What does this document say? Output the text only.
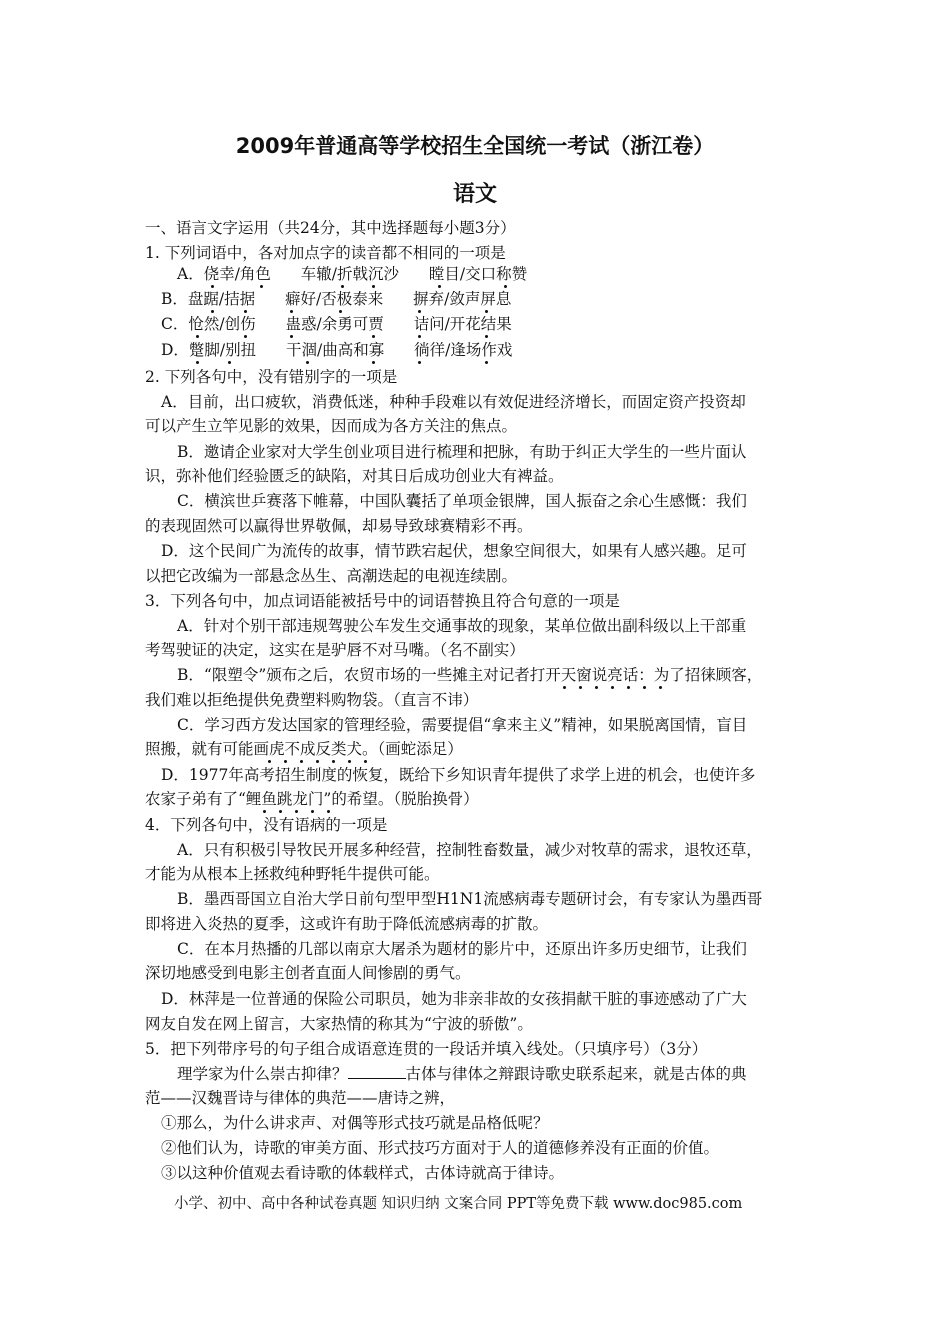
2009年普通高等学校招生全国统一考试（浙江卷）
语文
一、语言文字运用（共24分，其中选择题每小题3分）
1. 下列词语中，各对加点字的读音都不相同的一项是
A．侥幸/角色 车辙/折戟沉沙 瞠目/交口称赞
B．盘踞/拮据 癖好/否极泰来 摒弃/敛声屏息
C．怆然/创伤 蛊惑/余勇可贾 诘问/开花结果
D．蹩脚/别扭 干涸/曲高和寡 徜徉/逢场作戏
2. 下列各句中，没有错别字的一项是
A．目前，出口疲软，消费低迷，种种手段难以有效促进经济增长，而固定资产投资却
可以产生立竿见影的效果，因而成为各方关注的焦点。
B．邀请企业家对大学生创业项目进行梳理和把脉，有助于纠正大学生的一些片面认
识，弥补他们经验匮乏的缺陷，对其日后成功创业大有裨益。
C．横滨世乒赛落下帷幕，中国队囊括了单项金银牌，国人振奋之余心生感慨：我们
的表现固然可以赢得世界敬佩，却易导致球赛精彩不再。
D．这个民间广为流传的故事，情节跌宕起伏，想象空间很大，如果有人感兴趣。足可
以把它改编为一部悬念丛生、高潮迭起的电视连续剧。
3．下列各句中，加点词语能被括号中的词语替换且符合句意的一项是
A．针对个别干部违规驾驶公车发生交通事故的现象，某单位做出副科级以上干部重
考驾驶证的决定，这实在是驴唇不对马嘴。（名不副实）
B．“限塑令”颁布之后，农贸市场的一些摊主对记者打开天窗说亮话：为了招徕顾客，
我们难以拒绝提供免费塑料购物袋。（直言不讳）
C．学习西方发达国家的管理经验，需要提倡“拿来主义”精神，如果脱离国情，盲目
照搬，就有可能画虎不成反类犬。（画蛇添足）
D．1977年高考招生制度的恢复，既给下乡知识青年提供了求学上进的机会，也使许多
农家子弟有了“鲤鱼跳龙门”的希望。（脱胎换骨）
4．下列各句中，没有语病的一项是
A．只有积极引导牧民开展多种经营，控制牲畜数量，减少对牧草的需求，退牧还草，
才能为从根本上拯救纯种野牦牛提供可能。
B．墨西哥国立自治大学日前句型甲型H1N1流感病毒专题研讨会，有专家认为墨西哥
即将进入炎热的夏季，这或许有助于降低流感病毒的扩散。
C．在本月热播的几部以南京大屠杀为题材的影片中，还原出许多历史细节，让我们
深切地感受到电影主创者直面人间惨剧的勇气。
D．林萍是一位普通的保险公司职员，她为非亲非故的女孩捐献干脏的事迹感动了广大
网友自发在网上留言，大家热情的称其为“宁波的骄傲”。
5．把下列带序号的句子组合成语意连贯的一段话并填入线处。（只填序号）（3分）
理学家为什么崇古抑律？	古体与律体之辩跟诗歌史联系起来，就是古体的典
范——汉魏晋诗与律体的典范——唐诗之辨，
①那么，为什么讲求声、对偶等形式技巧就是品格低呢？
②他们认为，诗歌的审美方面、形式技巧方面对于人的道德修养没有正面的价值。
③以这种价值观去看诗歌的体载样式，古体诗就高于律诗。
小学、初中、高中各种试卷真题 知识归纳 文案合同 PPT等免费下载 www.doc985.com
